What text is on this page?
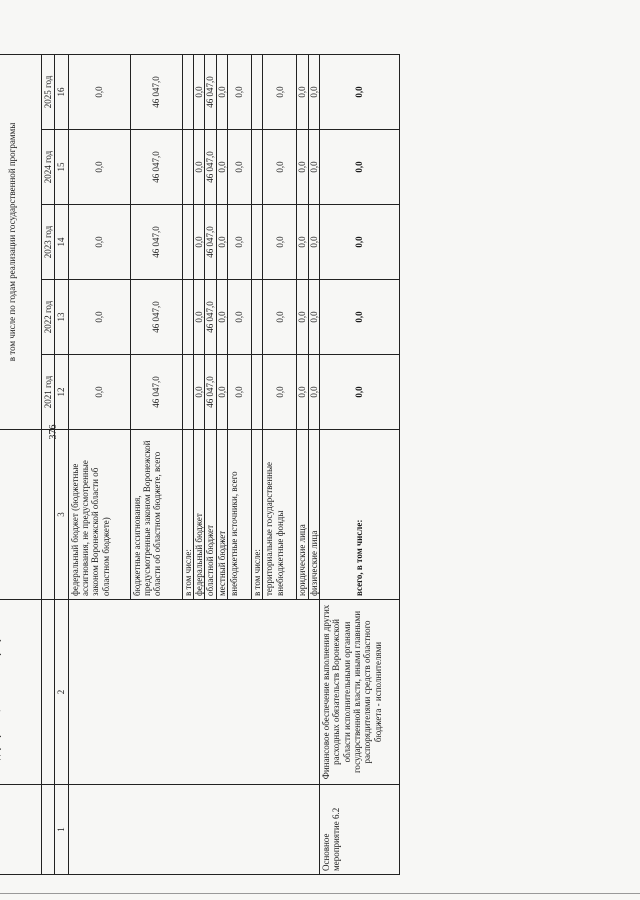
376

			в том числе по годам реализации государственной программы				
			2021 год	2022 год	2023 год	2024 год	2025 год
1	2	3	12	13	14	15	16
		федеральный бюджет (бюджетные ассигнования, не предусмотренные законом Воронежской области об областном бюджете)	0,0	0,0	0,0	0,0	0,0
		бюджетные ассигнования, предусмотренные законом Воронежской области об областном бюджете, всего	46 047,0	46 047,0	46 047,0	46 047,0	46 047,0
		в том числе:					
		федеральный бюджет	0,0	0,0	0,0	0,0	0,0
		областной бюджет	46 047,0	46 047,0	46 047,0	46 047,0	46 047,0
		местный бюджет	0,0	0,0	0,0	0,0	0,0
		внебюджетные источники, всего	0,0	0,0	0,0	0,0	0,0
		в том числе:					
		территориальные государственные внебюджетные фонды	0,0	0,0	0,0	0,0	0,0
		юридические лица	0,0	0,0	0,0	0,0	0,0
		физические лица	0,0	0,0	0,0	0,0	0,0
Основное мероприятие 6.2	Финансовое обеспечение выполнения других расходных обязательств Воронежской области исполнительными органами государственной власти, иными главными распорядителями средств областного бюджета - исполнителями	всего, в том числе:	0,0	0,0	0,0	0,0	0,0
